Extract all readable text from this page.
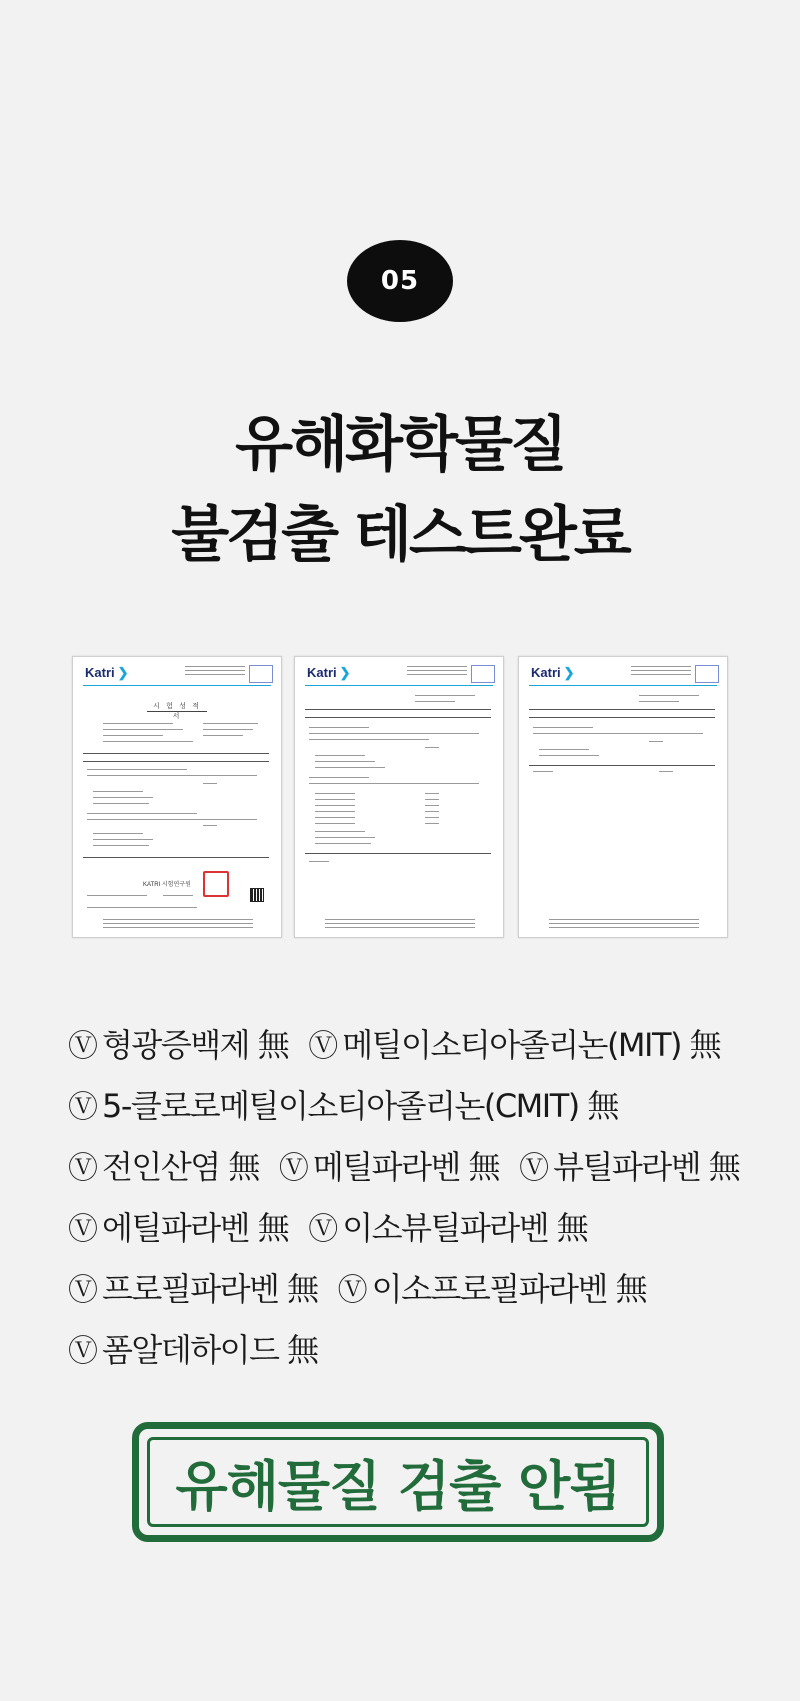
05
유해화학물질
불검출 테스트완료
Katri ❯
시 험 성 적 서
KATRI 시험연구원
Katri ❯	Katri ❯
Ⓥ 형광증백제 無 Ⓥ 메틸이소티아졸리논(MIT) 無
Ⓥ 5-클로로메틸이소티아졸리논(CMIT) 無
Ⓥ 전인산염 無 Ⓥ 메틸파라벤 無 Ⓥ 뷰틸파라벤 無
Ⓥ 에틸파라벤 無 Ⓥ 이소뷰틸파라벤 無
Ⓥ 프로필파라벤 無 Ⓥ 이소프로필파라벤 無
Ⓥ 폼알데하이드 無
유해물질 검출 안됨
